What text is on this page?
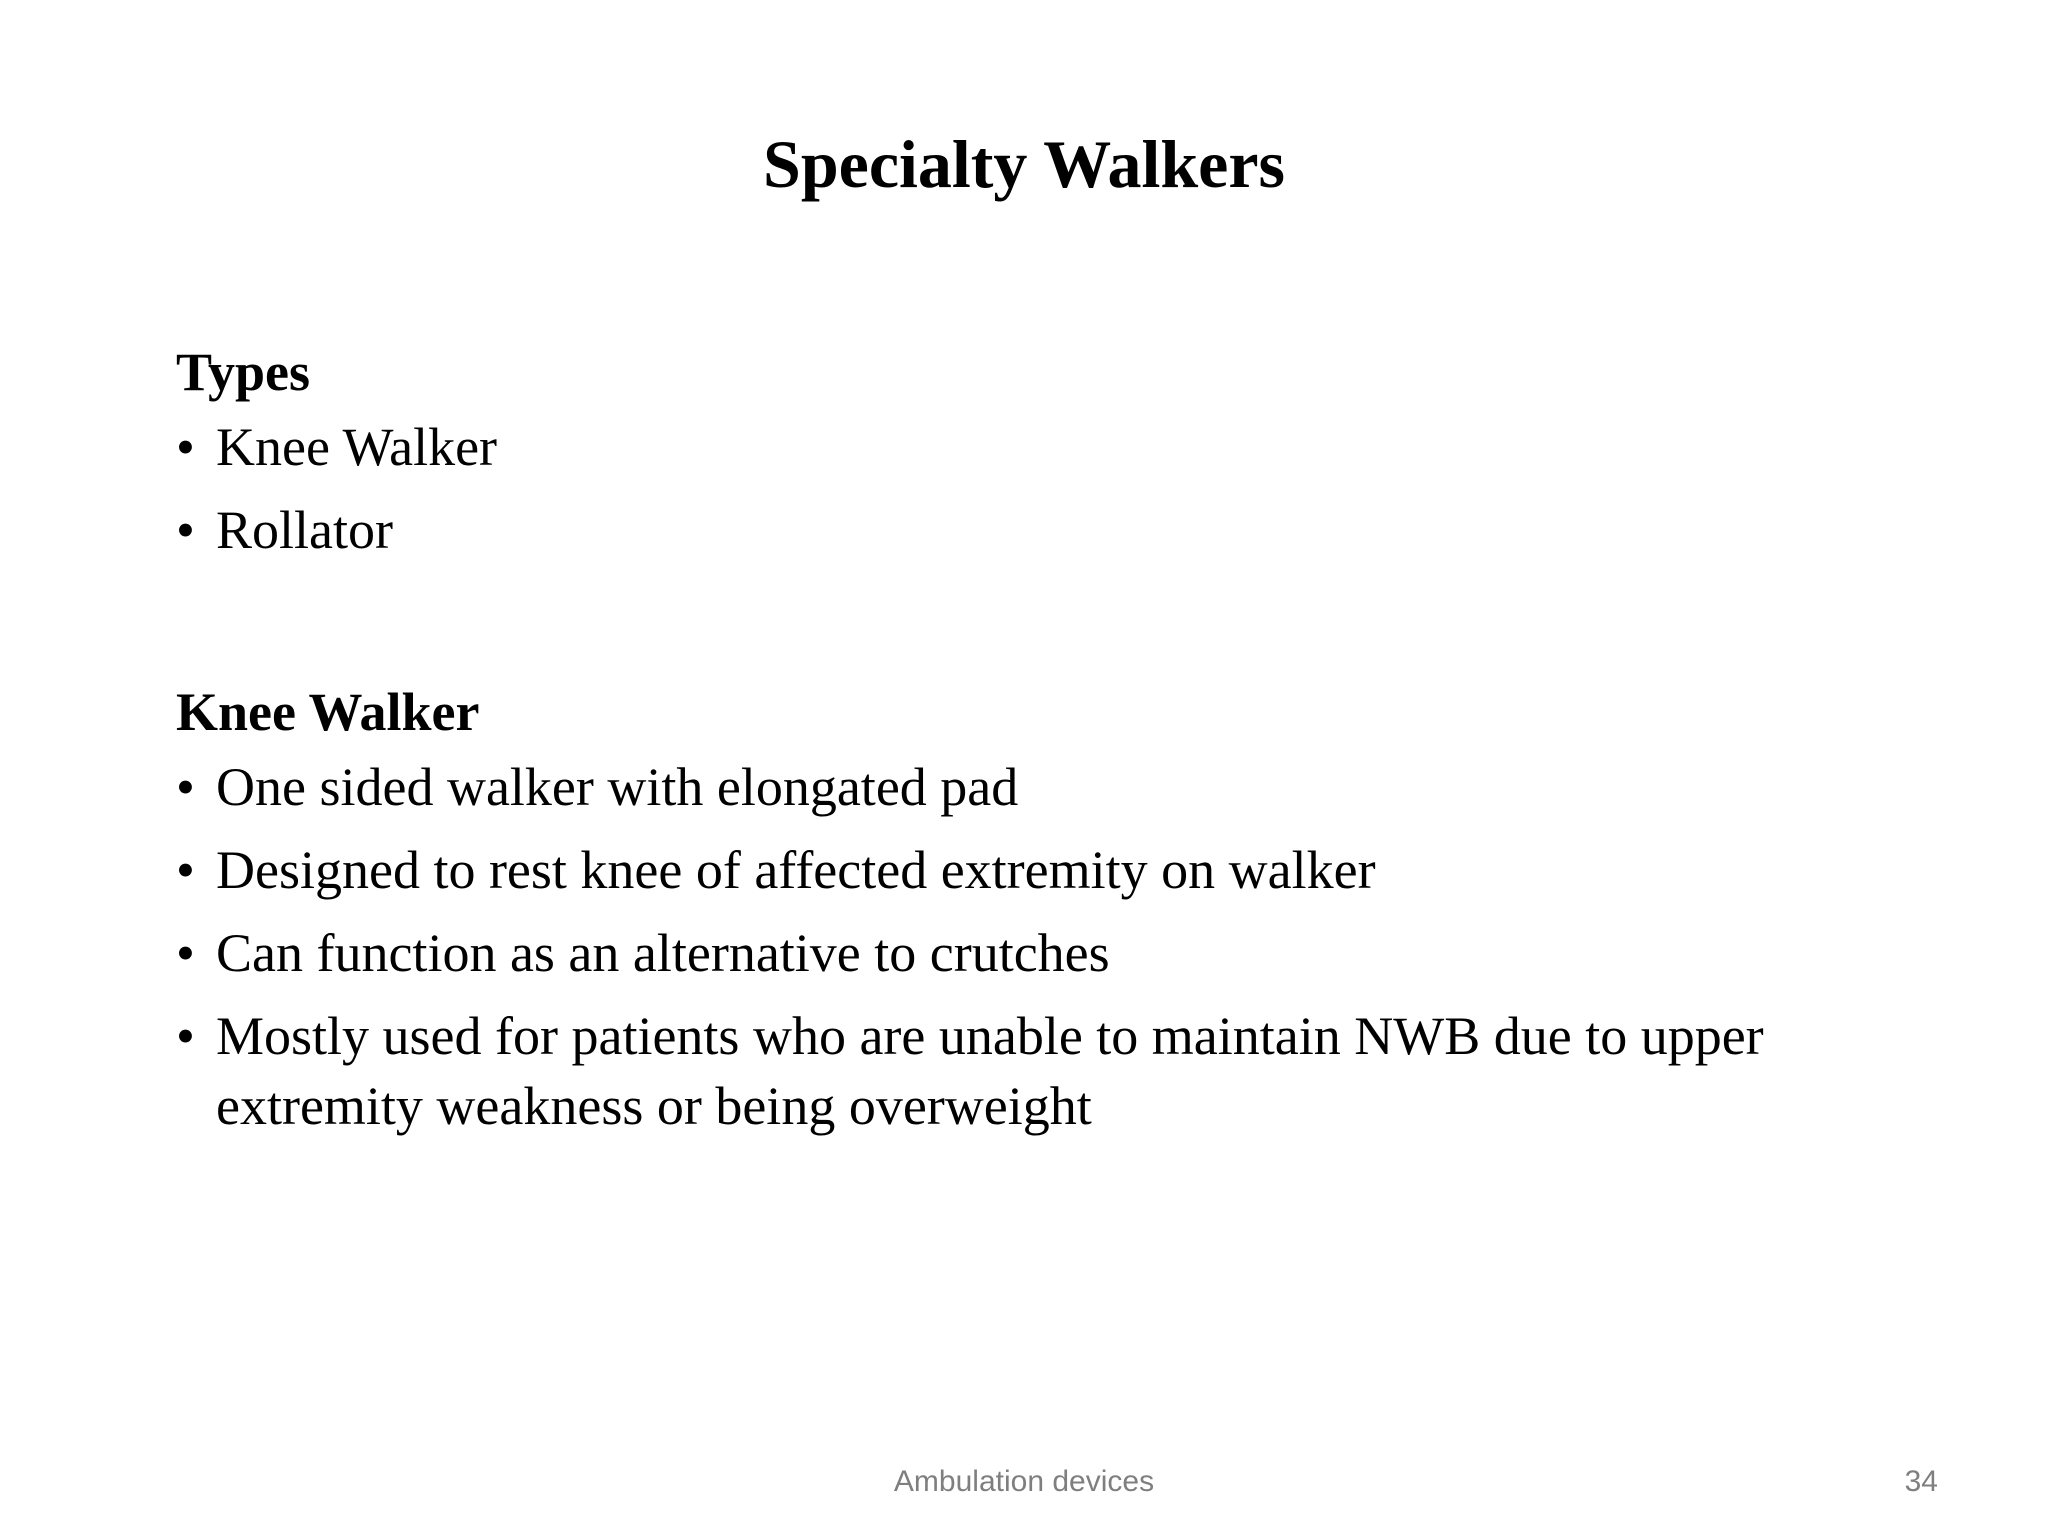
Specialty Walkers

Types

• Knee Walker
• Rollator

Knee Walker

• One sided walker with elongated pad
• Designed to rest knee of affected extremity on walker
• Can function as an alternative to crutches
• Mostly used for patients who are unable to maintain NWB due to upper extremity weakness or being overweight
Ambulation devices	34
